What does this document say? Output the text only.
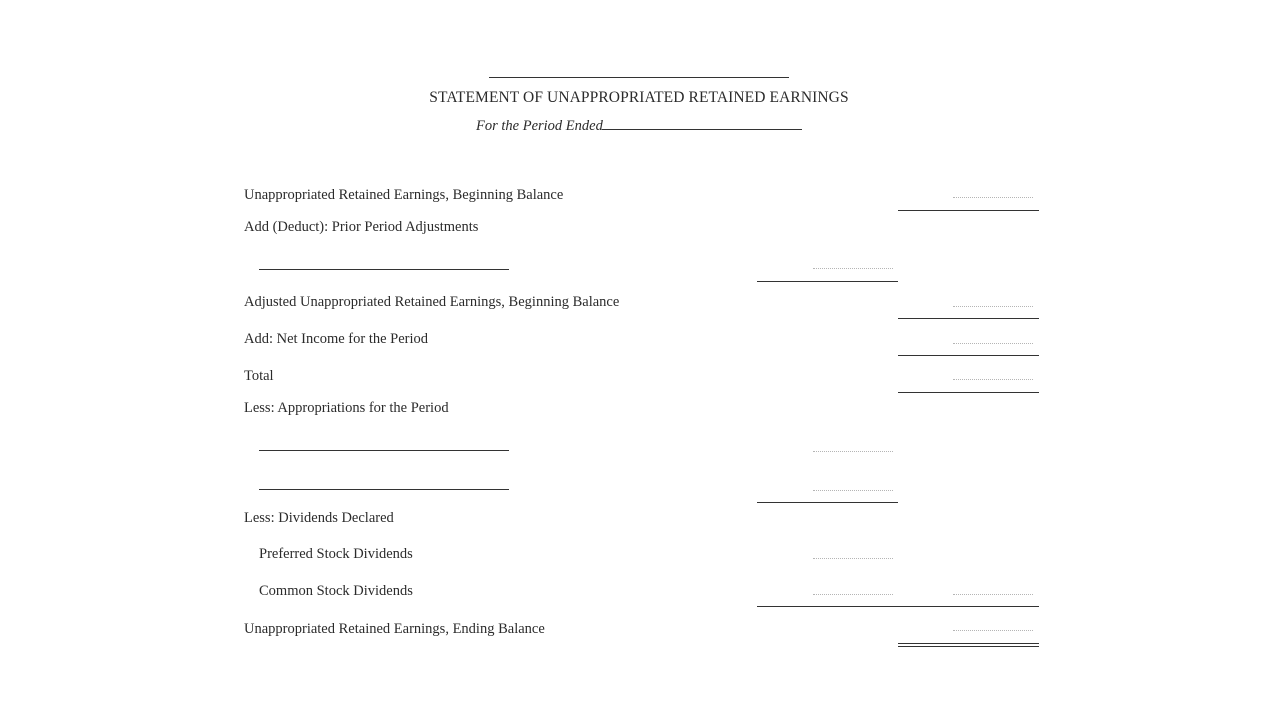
STATEMENT OF UNAPPROPRIATED RETAINED EARNINGS
For the Period Ended
Unappropriated Retained Earnings, Beginning Balance
Add (Deduct): Prior Period Adjustments
Adjusted Unappropriated Retained Earnings, Beginning Balance
Add: Net Income for the Period
Total
Less: Appropriations for the Period
Less: Dividends Declared
Preferred Stock Dividends
Common Stock Dividends
Unappropriated Retained Earnings, Ending Balance
